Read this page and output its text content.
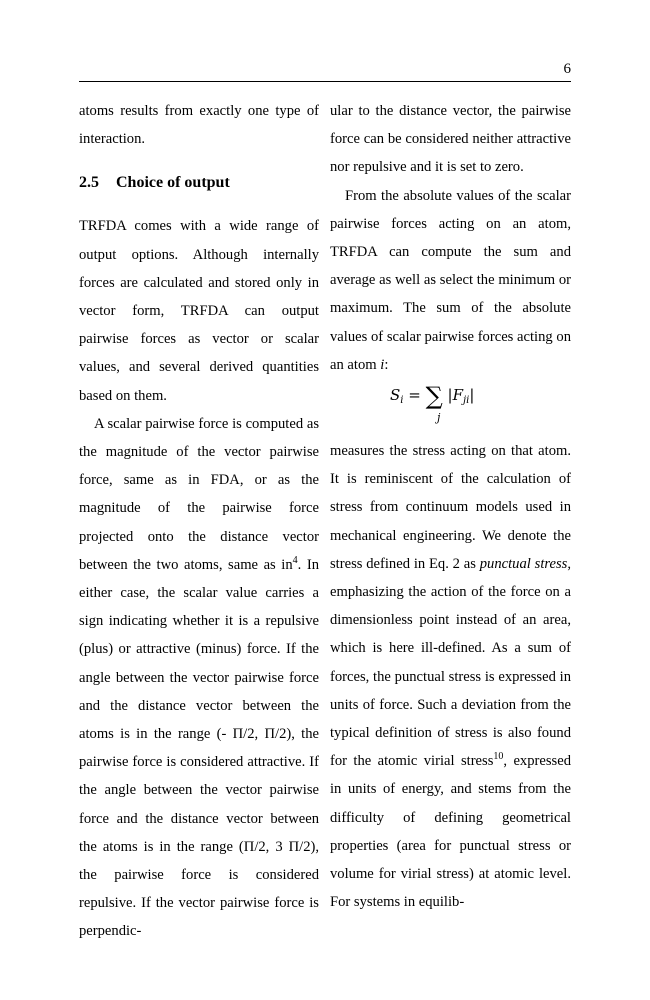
6

atoms results from exactly one type of interaction.

2.5 Choice of output

TRFDA comes with a wide range of output options. Although internally forces are calculated and stored only in vector form, TRFDA can output pairwise forces as vector or scalar values, and several derived quantities based on them.

A scalar pairwise force is computed as the magnitude of the vector pairwise force, same as in FDA, or as the magnitude of the pairwise force projected onto the distance vector between the two atoms, same as $in^4$. In either case, the scalar value carries a sign indicating whether it is a repulsive (plus) or attractive (minus) force. If the angle between the vector pairwise force and the distance vector between the atoms is in the range (- Π/2, Π/2), the pairwise force is considered attractive. If the angle between the vector pairwise force and the distance vector between the atoms is in the range (Π/2, 3 Π/2), the pairwise force is considered repulsive. If the vector pairwise force is perpendic-

ular to the distance vector, the pairwise force can be considered neither attractive nor repulsive and it is set to zero.

From the absolute values of the scalar pairwise forces acting on an atom, TRFDA can compute the sum and average as well as select the minimum or maximum. The sum of the absolute values of scalar pairwise forces acting on an atom i:

$S_i$ = ∑ $|F_{ji}|$
j

measures the stress acting on that atom. It is reminiscent of the calculation of stress from continuum models used in mechanical engineering. We denote the stress defined in Eq. 2 as punctual stress, emphasizing the action of the force on a dimensionless point instead of an area, which is here ill-defined. As a sum of forces, the punctual stress is expressed in units of force. Such a deviation from the typical definition of stress is also found for the atomic virial stress$^{10}$, expressed in units of energy, and stems from the difficulty of defining geometrical properties (area for punctual stress or volume for virial stress) at atomic level. For systems in equilib-
